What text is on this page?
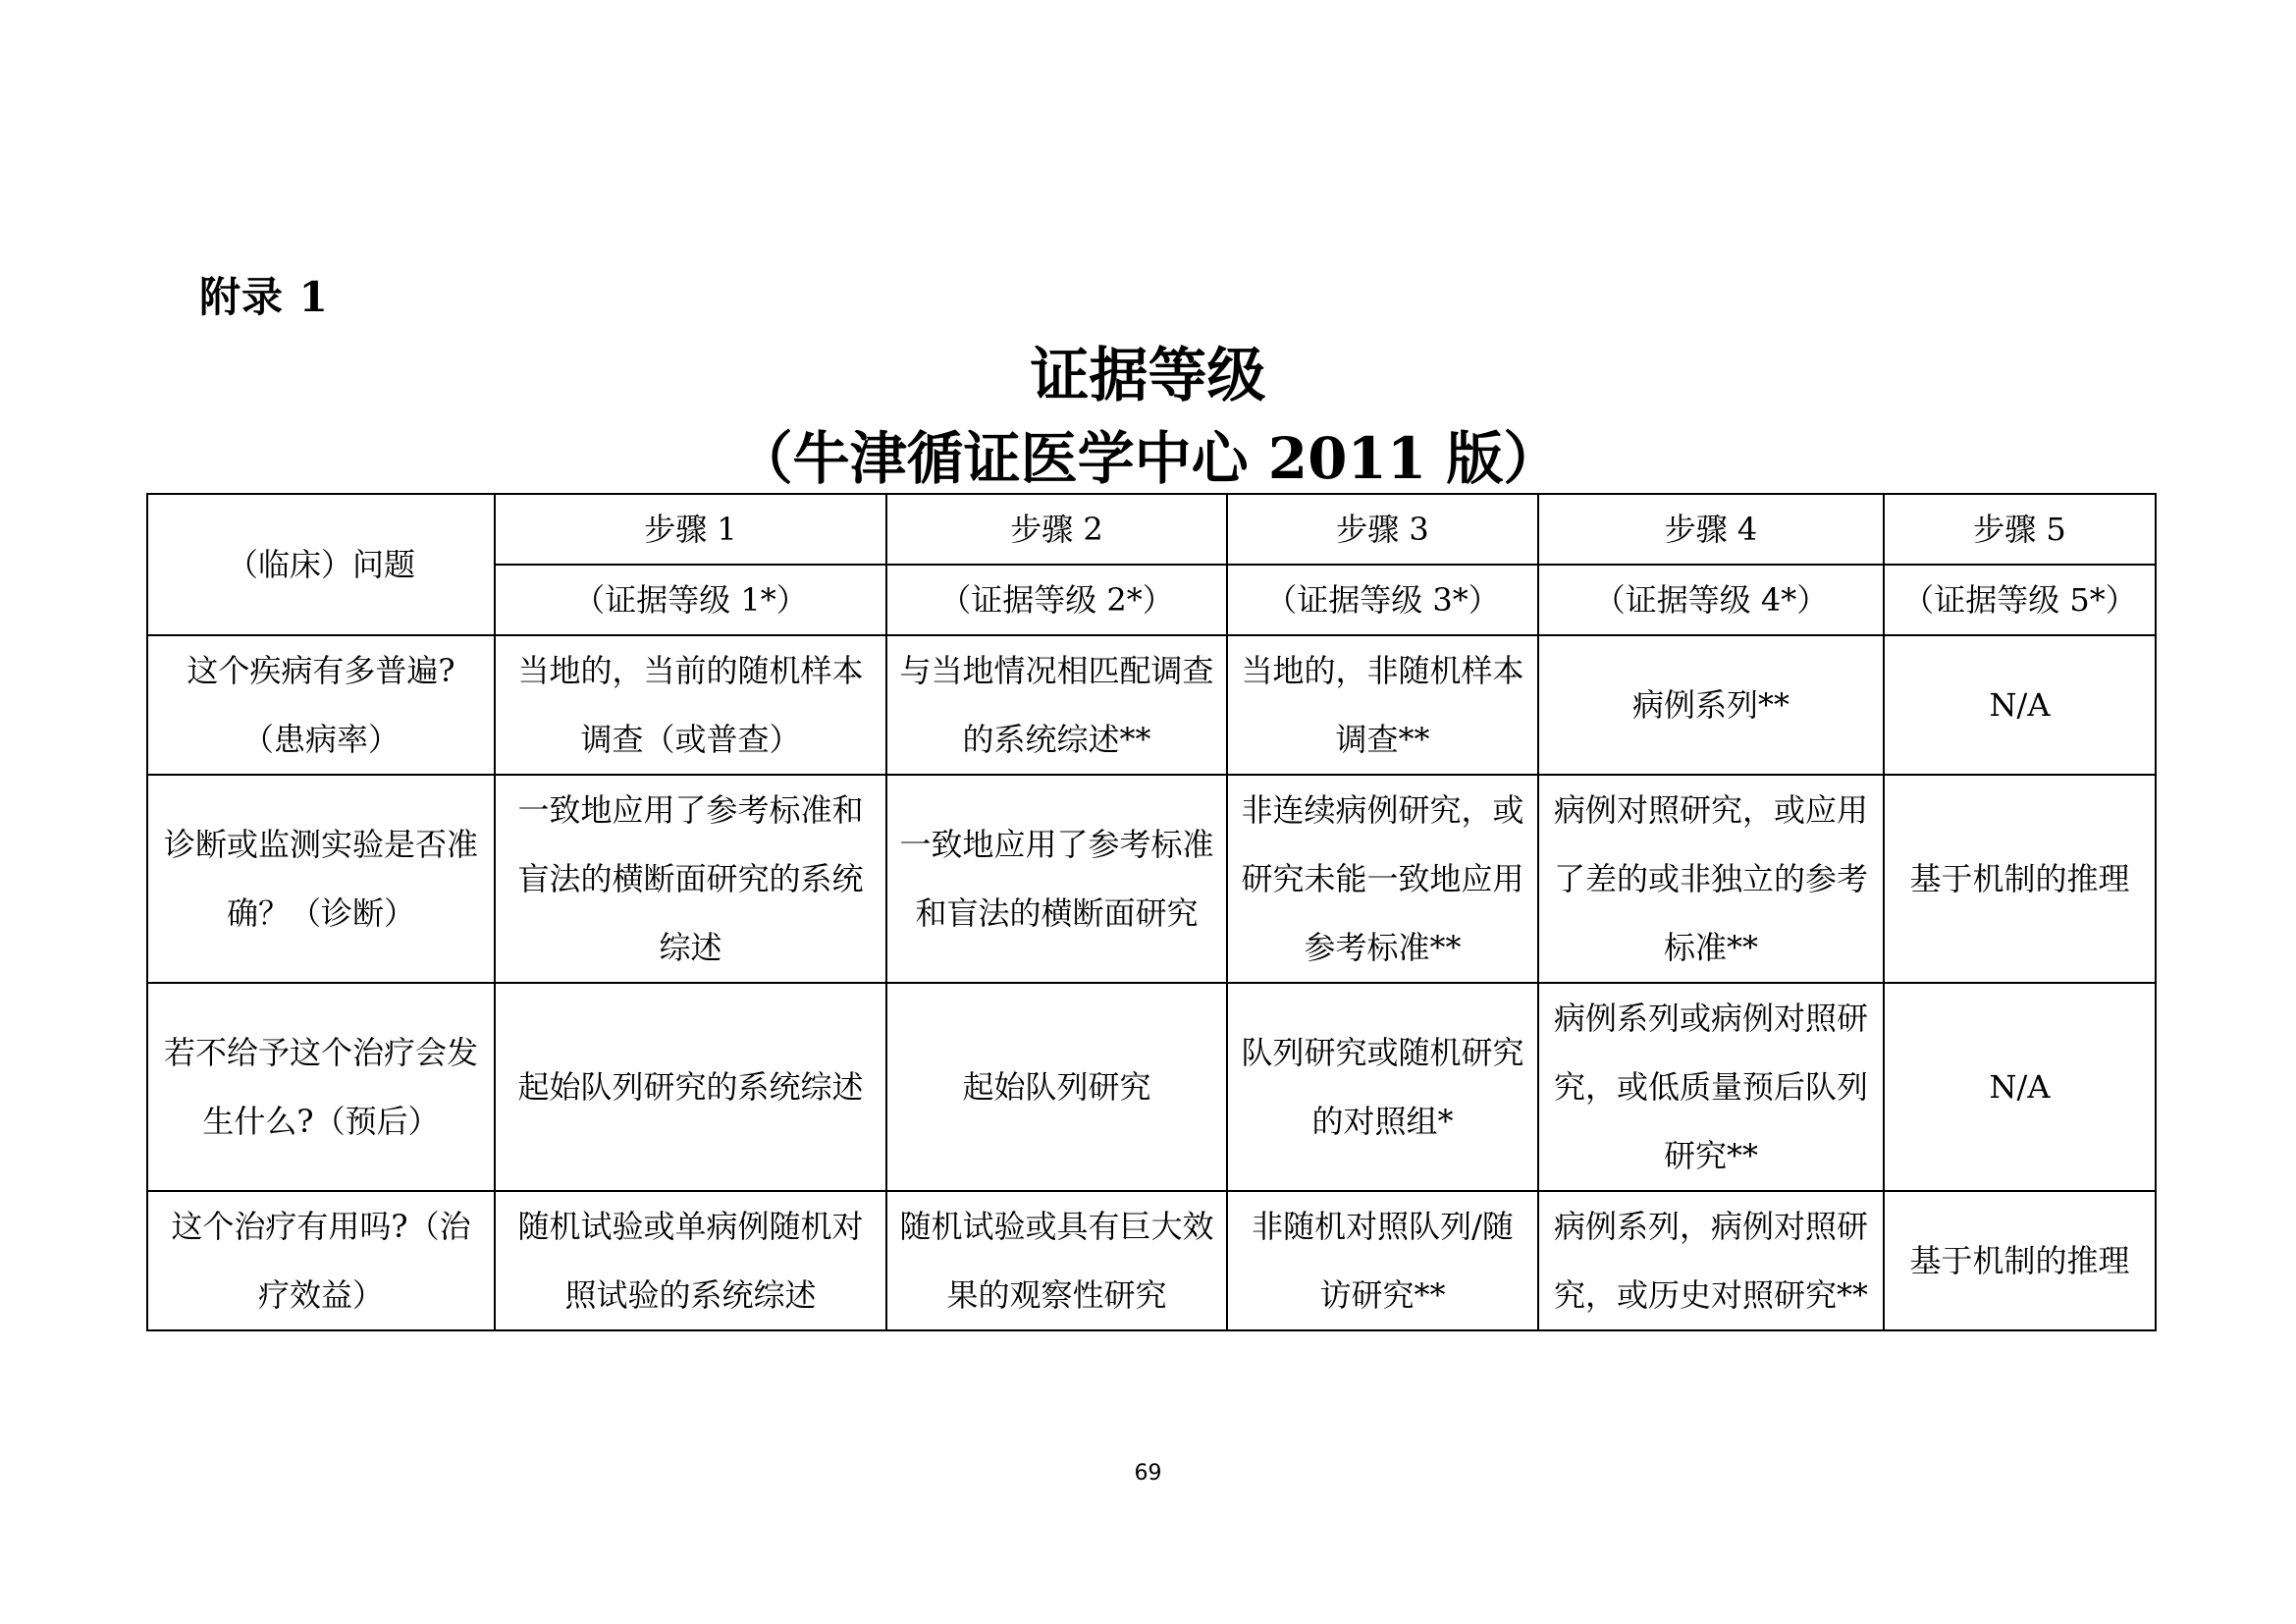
附录 1
证据等级
（牛津循证医学中心 2011 版）
（临床）问题	步骤 1	步骤 2	步骤 3	步骤 4	步骤 5
	（证据等级 1*）	（证据等级 2*）	（证据等级 3*）	（证据等级 4*）	（证据等级 5*）
这个疾病有多普遍?（患病率）	当地的，当前的随机样本调查（或普查）	与当地情况相匹配调查的系统综述**	当地的，非随机样本调查**	病例系列**	N/A
诊断或监测实验是否准确？（诊断）	一致地应用了参考标准和盲法的横断面研究的系统综述	一致地应用了参考标准和盲法的横断面研究	非连续病例研究，或研究未能一致地应用参考标准**	病例对照研究，或应用了差的或非独立的参考标准**	基于机制的推理
若不给予这个治疗会发生什么?（预后）	起始队列研究的系统综述	起始队列研究	队列研究或随机研究的对照组*	病例系列或病例对照研究，或低质量预后队列研究**	N/A
这个治疗有用吗?（治疗效益）	随机试验或单病例随机对照试验的系统综述	随机试验或具有巨大效果的观察性研究	非随机对照队列/随访研究**	病例系列，病例对照研究，或历史对照研究**	基于机制的推理
69
